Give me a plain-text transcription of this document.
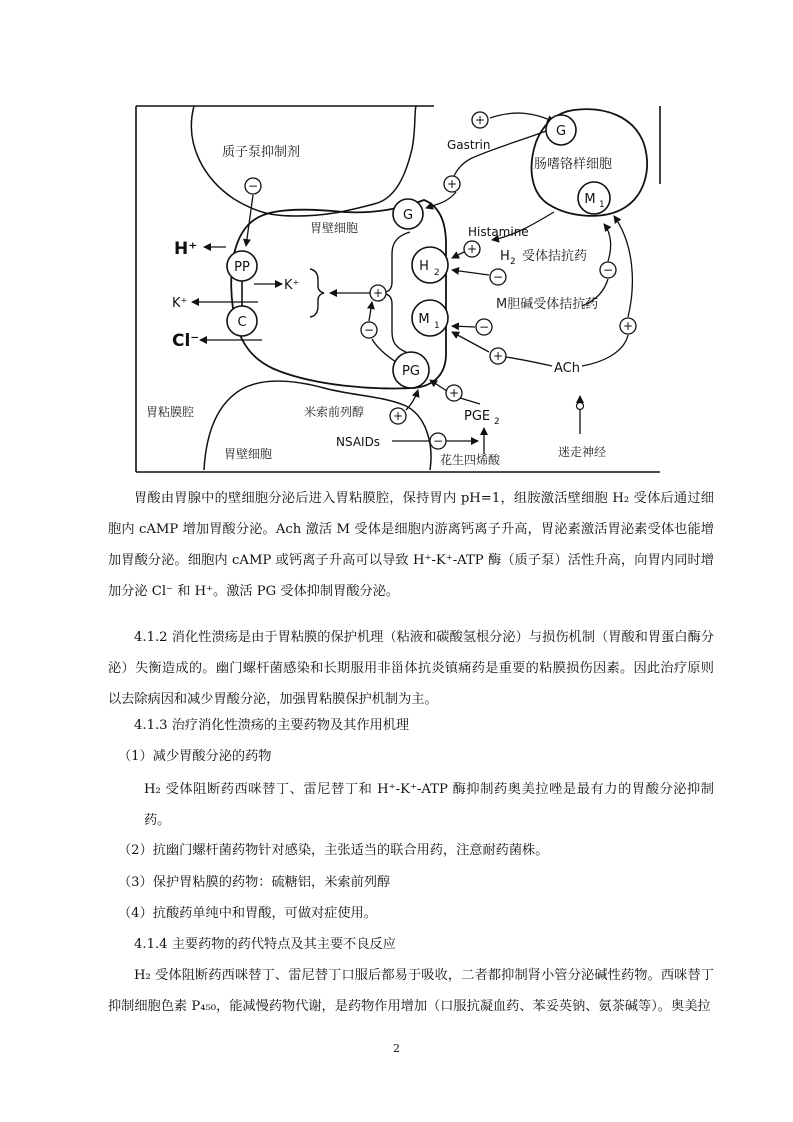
G
H 2
M 1
PG
PP
C
H⁺
K⁺
K⁺
Cl⁻
+
质子泵抑制剂
−
胃壁细胞
Gastrin
+
+
G
肠嗜铬样细胞
M 1
Histamine
+ H 2 受体拮抗药
−
M胆碱受体拮抗药
−
−
+
ACh
+
迷走神经
−
米索前列醇 +
+
PGE 2
NSAIDs	−
花生四烯酸
胃粘膜腔
胃壁细胞

胃酸由胃腺中的壁细胞分泌后进入胃粘膜腔，保持胃内 pH=1，组胺激活壁细胞 H₂ 受体后通过细胞内 cAMP 增加胃酸分泌。Ach 激活 M 受体是细胞内游离钙离子升高，胃泌素激活胃泌素受体也能增加胃酸分泌。细胞内 cAMP 或钙离子升高可以导致 H⁺-K⁺-ATP 酶（质子泵）活性升高，向胃内同时增加分泌 Cl⁻ 和 H⁺。激活 PG 受体抑制胃酸分泌。

4.1.2 消化性溃疡是由于胃粘膜的保护机理（粘液和碳酸氢根分泌）与损伤机制（胃酸和胃蛋白酶分泌）失衡造成的。幽门螺杆菌感染和长期服用非甾体抗炎镇痛药是重要的粘膜损伤因素。因此治疗原则以去除病因和减少胃酸分泌，加强胃粘膜保护机制为主。

4.1.3 治疗消化性溃疡的主要药物及其作用机理

（1）减少胃酸分泌的药物

H₂ 受体阻断药西咪替丁、雷尼替丁和 H⁺-K⁺-ATP 酶抑制药奥美拉唑是最有力的胃酸分泌抑制药。

（2）抗幽门螺杆菌药物针对感染，主张适当的联合用药，注意耐药菌株。

（3）保护胃粘膜的药物：硫糖铝，米索前列醇

（4）抗酸药单纯中和胃酸，可做对症使用。

4.1.4 主要药物的药代特点及其主要不良反应

H₂ 受体阻断药西咪替丁、雷尼替丁口服后都易于吸收，二者都抑制肾小管分泌碱性药物。西咪替丁抑制细胞色素 P₄₅₀，能减慢药物代谢，是药物作用增加（口服抗凝血药、苯妥英钠、氨茶碱等）。奥美拉

2
